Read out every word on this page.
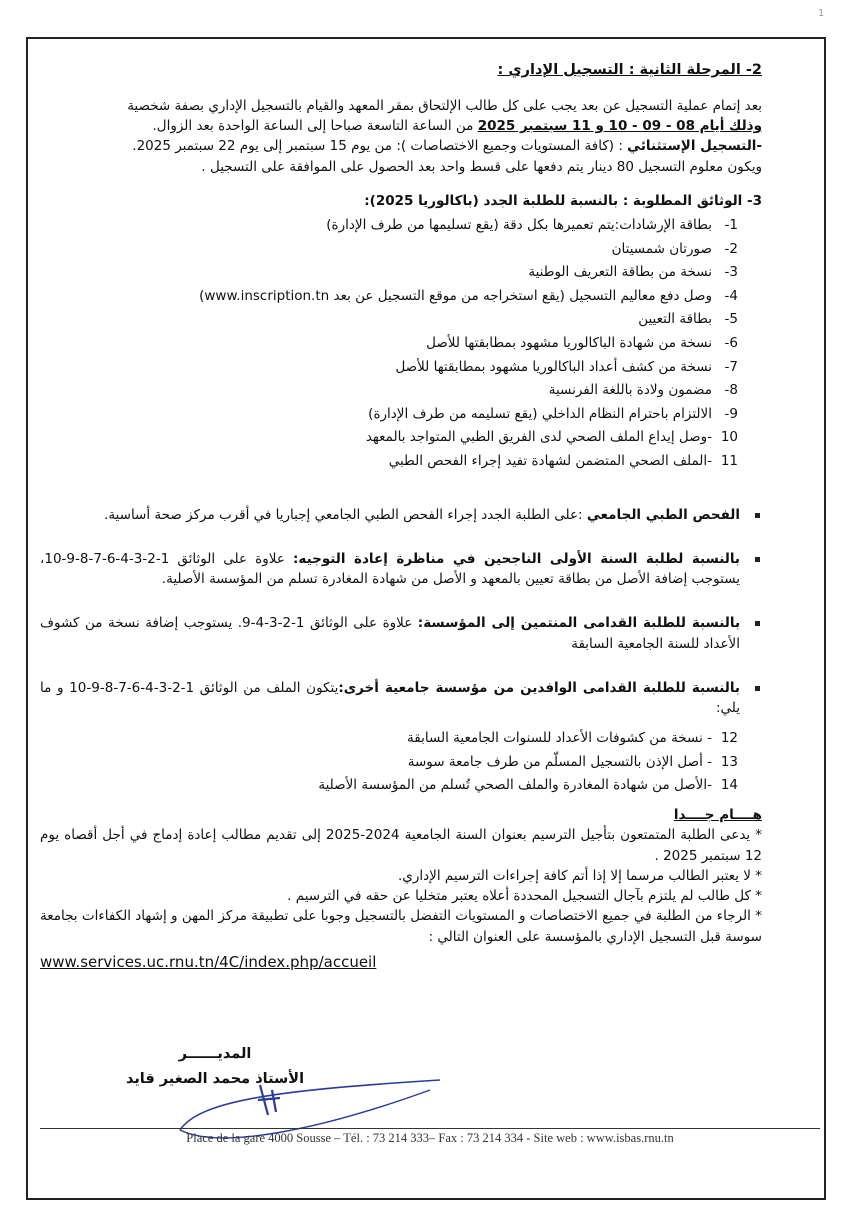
1

2- المرحلة الثانية : التسجيل الإداري :

بعد إتمام عملية التسجيل عن بعد يجب على كل طالب الإلتحاق بمقر المعهد والقيام بالتسجيل الإداري بصفة شخصية

وذلك أيام 08 - 09 - 10 و 11 سبتمبر 2025 من الساعة التاسعة صباحا إلى الساعة الواحدة بعد الزوال.

-التسجيل الإستثنائي : (كافة المستويات وجميع الاختصاصات ): من يوم 15 سبتمبر إلى يوم 22 سبتمبر 2025.

ويكون معلوم التسجيل 80 دينار يتم دفعها على قسط واحد بعد الحصول على الموافقة على التسجيل .

3- الوثائق المطلوبة : بالنسبة للطلبة الجدد (باكالوريا 2025):

1-بطاقة الإرشادات:يتم تعميرها بكل دقة (يقع تسليمها من طرف الإدارة)
2-صورتان شمسيتان
3-نسخة من بطاقة التعريف الوطنية
4-وصل دفع معاليم التسجيل (يقع استخراجه من موقع التسجيل عن بعد www.inscription.tn)
5-بطاقة التعيين
6-نسخة من شهادة الباكالوريا مشهود بمطابقتها للأصل
7-نسخة من كشف أعداد الباكالوريا مشهود بمطابقتها للأصل
8-مضمون ولادة باللغة الفرنسية
9-الالتزام باحترام النظام الداخلي (يقع تسليمه من طرف الإدارة)
10-وصل إيداع الملف الصحي لدى الفريق الطبي المتواجد بالمعهد
11-الملف الصحي المتضمن لشهادة تفيد إجراء الفحص الطبي
الفحص الطبي الجامعي :على الطلبة الجدد إجراء الفحص الطبي الجامعي إجباريا في أقرب مركز صحة أساسية.
بالنسبة لطلبة السنة الأولى الناجحين في مناظرة إعادة التوجيه: علاوة على الوثائق 1-2-3-4-6-7-8-9-10، يستوجب إضافة الأصل من بطاقة تعيين بالمعهد و الأصل من شهادة المغادرة تسلم من المؤسسة الأصلية.
بالنسبة للطلبة القدامى المنتمين إلى المؤسسة: علاوة على الوثائق 1-2-3-4-9. يستوجب إضافة نسخة من كشوف الأعداد للسنة الجامعية السابقة
بالنسبة للطلبة القدامى الوافدين من مؤسسة جامعية أخرى:يتكون الملف من الوثائق 1-2-3-4-6-7-8-9-10 و ما يلي:
12- نسخة من كشوفات الأعداد للسنوات الجامعية السابقة
13- أصل الإذن بالتسجيل المسلّم من طرف جامعة سوسة
14-الأصل من شهادة المغادرة والملف الصحي تُسلم من المؤسسة الأصلية

هــــام جــــدا

* يدعى الطلبة المتمتعون بتأجيل الترسيم بعنوان السنة الجامعية 2024-2025 إلى تقديم مطالب إعادة إدماج في أجل أقصاه يوم 12 سبتمبر 2025 .

* لا يعتبر الطالب مرسما إلا إذا أتم كافة إجراءات الترسيم الإداري.

* كل طالب لم يلتزم بآجال التسجيل المحددة أعلاه يعتبر متخليا عن حقه في الترسيم .

* الرجاء من الطلبة في جميع الاختصاصات و المستويات التفضل بالتسجيل وجوبا على تطبيقة مركز المهن و إشهاد الكفاءات بجامعة سوسة قبل التسجيل الإداري بالمؤسسة على العنوان التالي :

www.services.uc.rnu.tn/4C/index.php/accueil

المديــــــر
الأستاذ محمد الصغير قايد
Place de la gare 4000 Sousse – Tél. : 73 214 333– Fax : 73 214 334 - Site web : www.isbas.rnu.tn
